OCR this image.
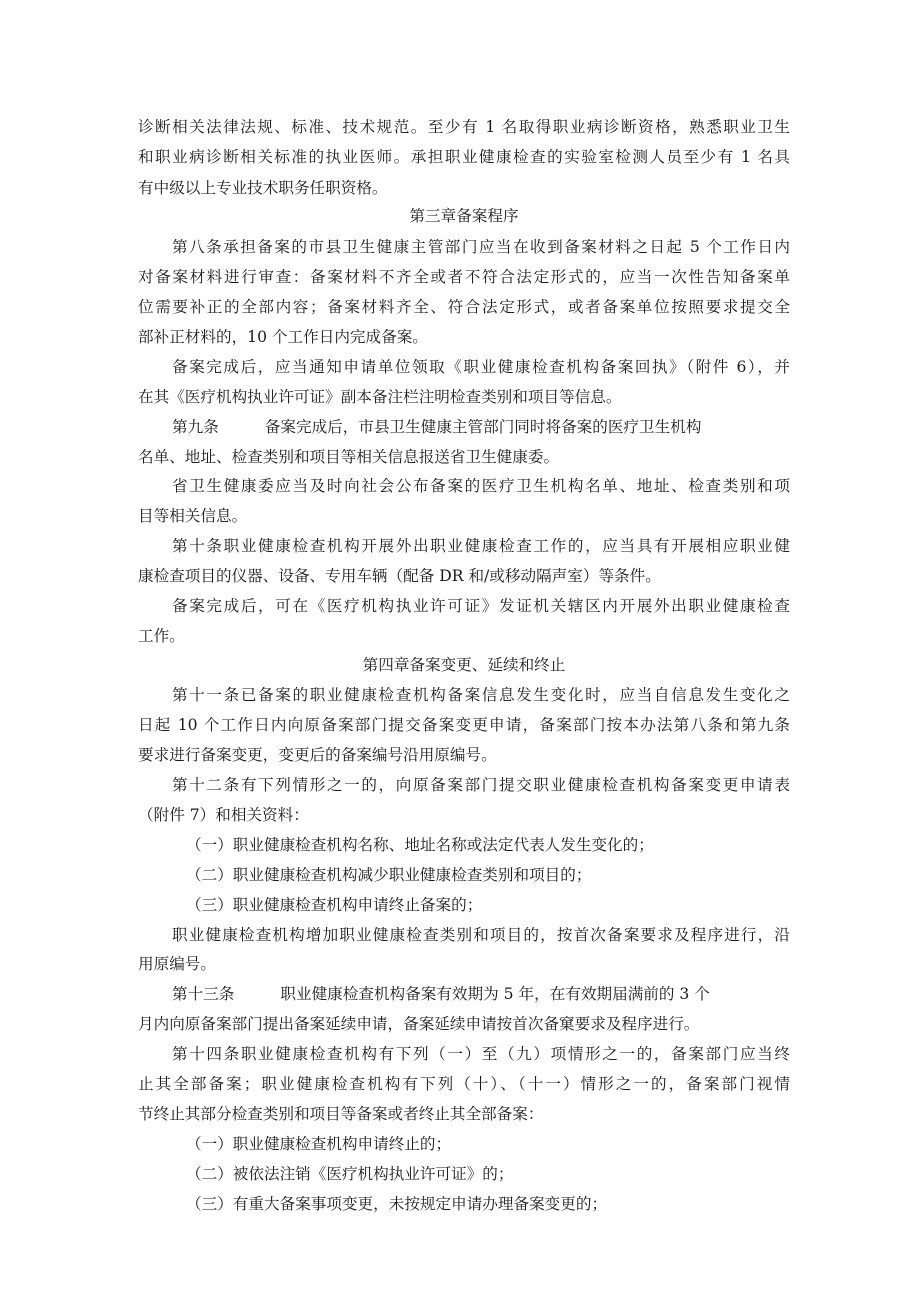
诊断相关法律法规、标准、技术规范。至少有 1 名取得职业病诊断资格，熟悉职业卫生
和职业病诊断相关标准的执业医师。承担职业健康检查的实验室检测人员至少有 1 名具
有中级以上专业技术职务任职资格。
第三章备案程序
第八条承担备案的市县卫生健康主管部门应当在收到备案材料之日起 5 个工作日内
对备案材料进行审查：备案材料不齐全或者不符合法定形式的，应当一次性告知备案单
位需要补正的全部内容；备案材料齐全、符合法定形式，或者备案单位按照要求提交全
部补正材料的，10 个工作日内完成备案。
备案完成后，应当通知申请单位领取《职业健康检查机构备案回执》（附件 6），并
在其《医疗机构执业许可证》副本备注栏注明检查类别和项目等信息。
第九条	备案完成后，市县卫生健康主管部门同时将备案的医疗卫生机构
名单、地址、检查类别和项目等相关信息报送省卫生健康委。
省卫生健康委应当及时向社会公布备案的医疗卫生机构名单、地址、检查类别和项
目等相关信息。
第十条职业健康检查机构开展外出职业健康检查工作的，应当具有开展相应职业健
康检查项目的仪器、设备、专用车辆（配备 DR 和/或移动隔声室）等条件。
备案完成后，可在《医疗机构执业许可证》发证机关辖区内开展外出职业健康检查
工作。
第四章备案变更、延续和终止
第十一条已备案的职业健康检查机构备案信息发生变化时，应当自信息发生变化之
日起 10 个工作日内向原备案部门提交备案变更申请，备案部门按本办法第八条和第九条
要求进行备案变更，变更后的备案编号沿用原编号。
第十二条有下列情形之一的，向原备案部门提交职业健康检查机构备案变更申请表
（附件 7）和相关资料：
（一）职业健康检查机构名称、地址名称或法定代表人发生变化的；
（二）职业健康检查机构减少职业健康检查类别和项目的；
（三）职业健康检查机构申请终止备案的；
职业健康检查机构增加职业健康检查类别和项目的，按首次备案要求及程序进行，沿
用原编号。
第十三条	职业健康检查机构备案有效期为 5 年，在有效期届满前的 3 个
月内向原备案部门提出备案延续申请，备案延续申请按首次备窠要求及程序进行。
第十四条职业健康检查机构有下列（一）至（九）项情形之一的，备案部门应当终
止其全部备案；职业健康检查机构有下列（十）、（十一）情形之一的，备案部门视情
节终止其部分检查类别和项目等备案或者终止其全部备案：
（一）职业健康检查机构申请终止的；
（二）被依法注销《医疗机构执业许可证》的；
（三）有重大备案事项变更，未按规定申请办理备案变更的；
